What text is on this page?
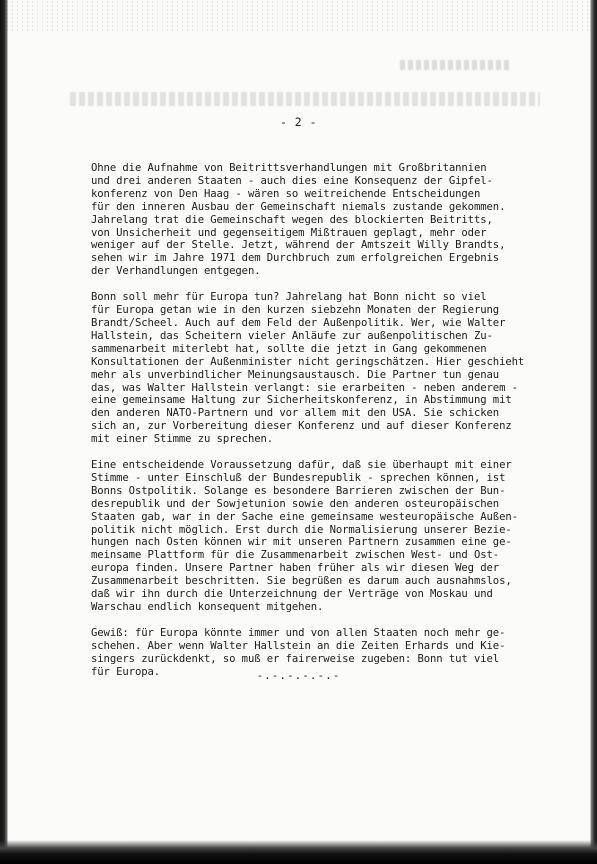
- 2 -

Ohne die Aufnahme von Beitrittsverhandlungen mit Großbritannien
und drei anderen Staaten - auch dies eine Konsequenz der Gipfel-
konferenz von Den Haag - wären so weitreichende Entscheidungen
für den inneren Ausbau der Gemeinschaft niemals zustande gekommen.
Jahrelang trat die Gemeinschaft wegen des blockierten Beitritts,
von Unsicherheit und gegenseitigem Mißtrauen geplagt, mehr oder
weniger auf der Stelle. Jetzt, während der Amtszeit Willy Brandts,
sehen wir im Jahre 1971 dem Durchbruch zum erfolgreichen Ergebnis
der Verhandlungen entgegen.

Bonn soll mehr für Europa tun? Jahrelang hat Bonn nicht so viel
für Europa getan wie in den kurzen siebzehn Monaten der Regierung
Brandt/Scheel. Auch auf dem Feld der Außenpolitik. Wer, wie Walter
Hallstein, das Scheitern vieler Anläufe zur außenpolitischen Zu-
sammenarbeit miterlebt hat, sollte die jetzt in Gang gekommenen
Konsultationen der Außenminister nicht geringschätzen. Hier geschieht
mehr als unverbindlicher Meinungsaustausch. Die Partner tun genau
das, was Walter Hallstein verlangt: sie erarbeiten - neben anderem -
eine gemeinsame Haltung zur Sicherheitskonferenz, in Abstimmung mit
den anderen NATO-Partnern und vor allem mit den USA. Sie schicken
sich an, zur Vorbereitung dieser Konferenz und auf dieser Konferenz
mit einer Stimme zu sprechen.

Eine entscheidende Voraussetzung dafür, daß sie überhaupt mit einer
Stimme - unter Einschluß der Bundesrepublik - sprechen können, ist
Bonns Ostpolitik. Solange es besondere Barrieren zwischen der Bun-
desrepublik und der Sowjetunion sowie den anderen osteuropäischen
Staaten gab, war in der Sache eine gemeinsame westeuropäische Außen-
politik nicht möglich. Erst durch die Normalisierung unserer Bezie-
hungen nach Osten können wir mit unseren Partnern zusammen eine ge-
meinsame Plattform für die Zusammenarbeit zwischen West- und Ost-
europa finden. Unsere Partner haben früher als wir diesen Weg der
Zusammenarbeit beschritten. Sie begrüßen es darum auch ausnahmslos,
daß wir ihn durch die Unterzeichnung der Verträge von Moskau und
Warschau endlich konsequent mitgehen.

Gewiß: für Europa könnte immer und von allen Staaten noch mehr ge-
schehen. Aber wenn Walter Hallstein an die Zeiten Erhards und Kie-
singers zurückdenkt, so muß er fairerweise zugeben: Bonn tut viel
für Europa.	-.-.-.-.-.-
